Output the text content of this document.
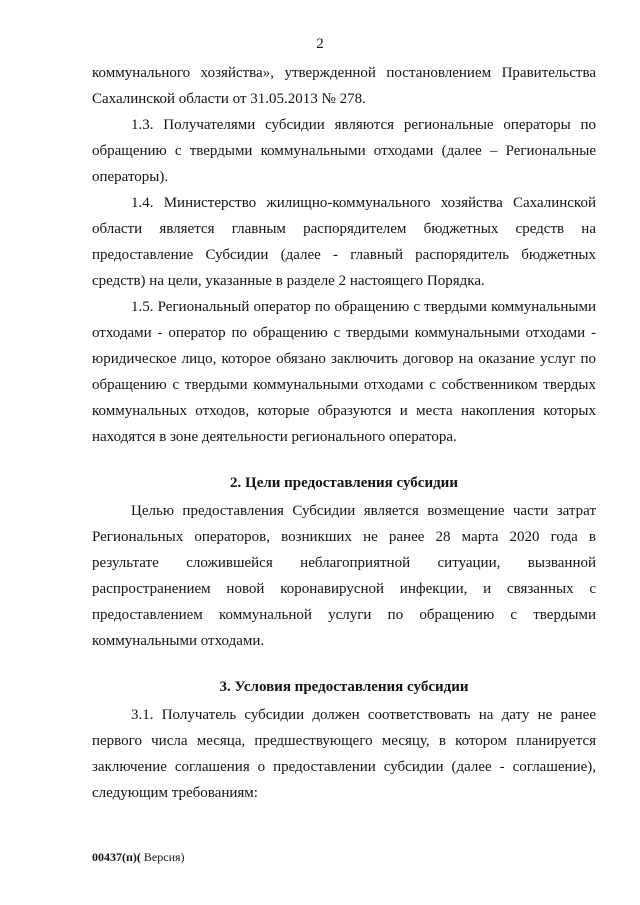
2

коммунального хозяйства», утвержденной постановлением Правительства Сахалинской области от 31.05.2013 № 278.

1.3. Получателями субсидии являются региональные операторы по обращению с твердыми коммунальными отходами (далее – Региональные операторы).

1.4. Министерство жилищно-коммунального хозяйства Сахалинской области является главным распорядителем бюджетных средств на предоставление Субсидии (далее - главный распорядитель бюджетных средств) на цели, указанные в разделе 2 настоящего Порядка.

1.5. Региональный оператор по обращению с твердыми коммунальными отходами - оператор по обращению с твердыми коммунальными отходами - юридическое лицо, которое обязано заключить договор на оказание услуг по обращению с твердыми коммунальными отходами с собственником твердых коммунальных отходов, которые образуются и места накопления которых находятся в зоне деятельности регионального оператора.

2. Цели предоставления субсидии

Целью предоставления Субсидии является возмещение части затрат Региональных операторов, возникших не ранее 28 марта 2020 года в результате сложившейся неблагоприятной ситуации, вызванной распространением новой коронавирусной инфекции, и связанных с предоставлением коммунальной услуги по обращению с твердыми коммунальными отходами.

3. Условия предоставления субсидии

3.1. Получатель субсидии должен соответствовать на дату не ранее первого числа месяца, предшествующего месяцу, в котором планируется заключение соглашения о предоставлении субсидии (далее - соглашение), следующим требованиям:

00437(п)( Версия)
